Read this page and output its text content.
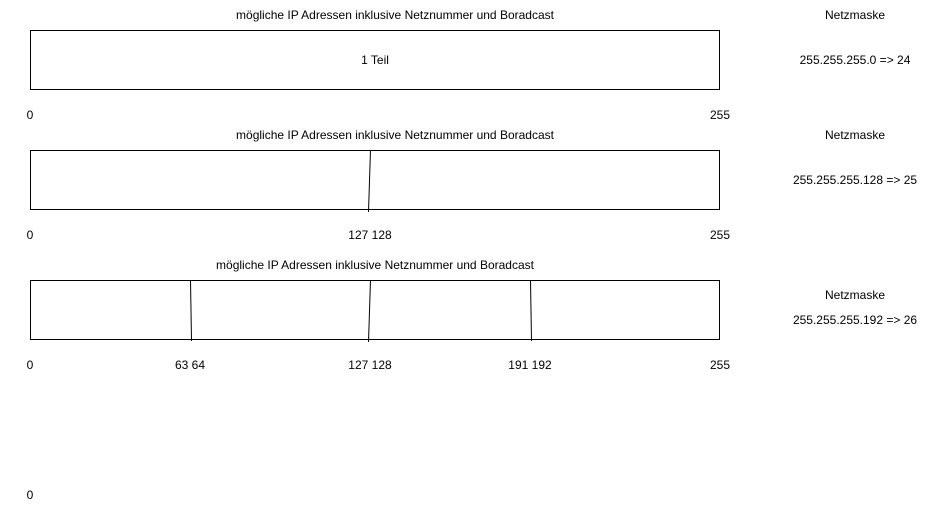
mögliche IP Adressen inklusive Netznummer und Boradcast
1 Teil
Netzmaske
255.255.255.0 => 24
0	255
mögliche IP Adressen inklusive Netznummer und Boradcast	Netzmaske
255.255.255.128 => 25
0	127 128	255
mögliche IP Adressen inklusive Netznummer und Boradcast
Netzmaske
255.255.255.192 => 26
0	63 64	127 128	191 192	255
0
